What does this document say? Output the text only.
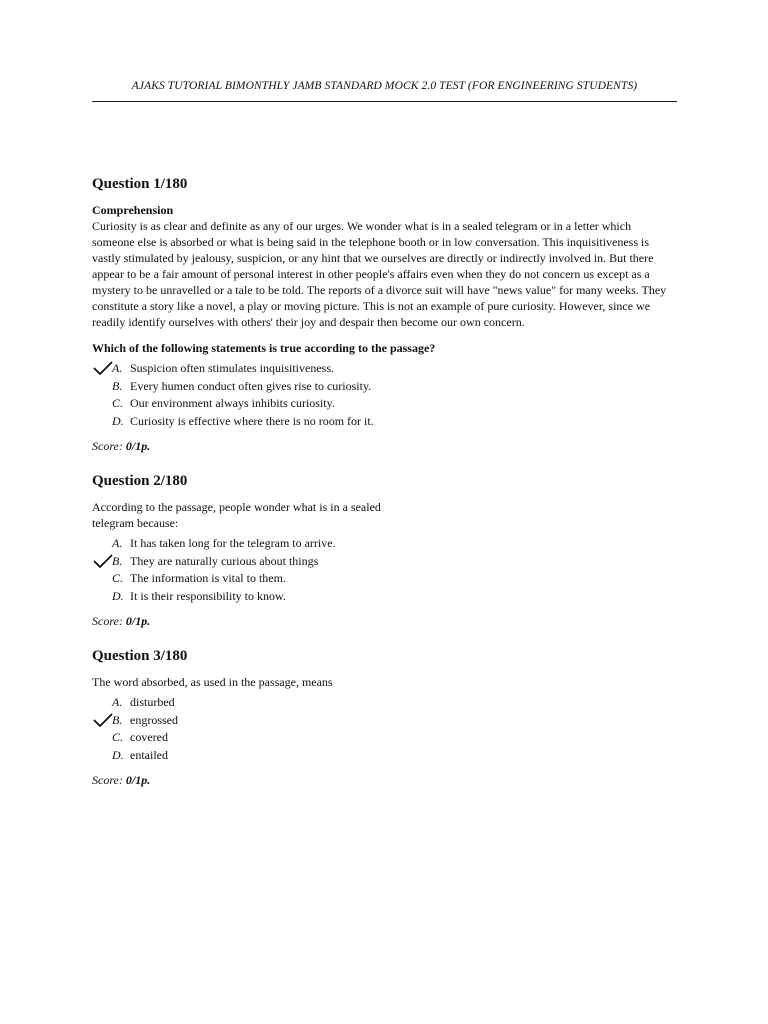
AJAKS TUTORIAL BIMONTHLY JAMB STANDARD MOCK 2.0 TEST (FOR ENGINEERING STUDENTS)
Question 1/180
Comprehension
Curiosity is as clear and definite as any of our urges. We wonder what is in a sealed telegram or in a letter which someone else is absorbed or what is being said in the telephone booth or in low conversation. This inquisitiveness is vastly stimulated by jealousy, suspicion, or any hint that we ourselves are directly or indirectly involved in. But there appear to be a fair amount of personal interest in other people's affairs even when they do not concern us except as a mystery to be unravelled or a tale to be told. The reports of a divorce suit will have "news value" for many weeks. They constitute a story like a novel, a play or moving picture. This is not an example of pure curiosity. However, since we readily identify ourselves with others' their joy and despair then become our own concern.
Which of the following statements is true according to the passage?
A. Suspicion often stimulates inquisitiveness.
B. Every humen conduct often gives rise to curiosity.
C. Our environment always inhibits curiosity.
D. Curiosity is effective where there is no room for it.
Score: 0/1p.
Question 2/180
According to the passage, people wonder what is in a sealed telegram because:
A. It has taken long for the telegram to arrive.
B. They are naturally curious about things
C. The information is vital to them.
D. It is their responsibility to know.
Score: 0/1p.
Question 3/180
The word absorbed, as used in the passage, means
A. disturbed
B. engrossed
C. covered
D. entailed
Score: 0/1p.
